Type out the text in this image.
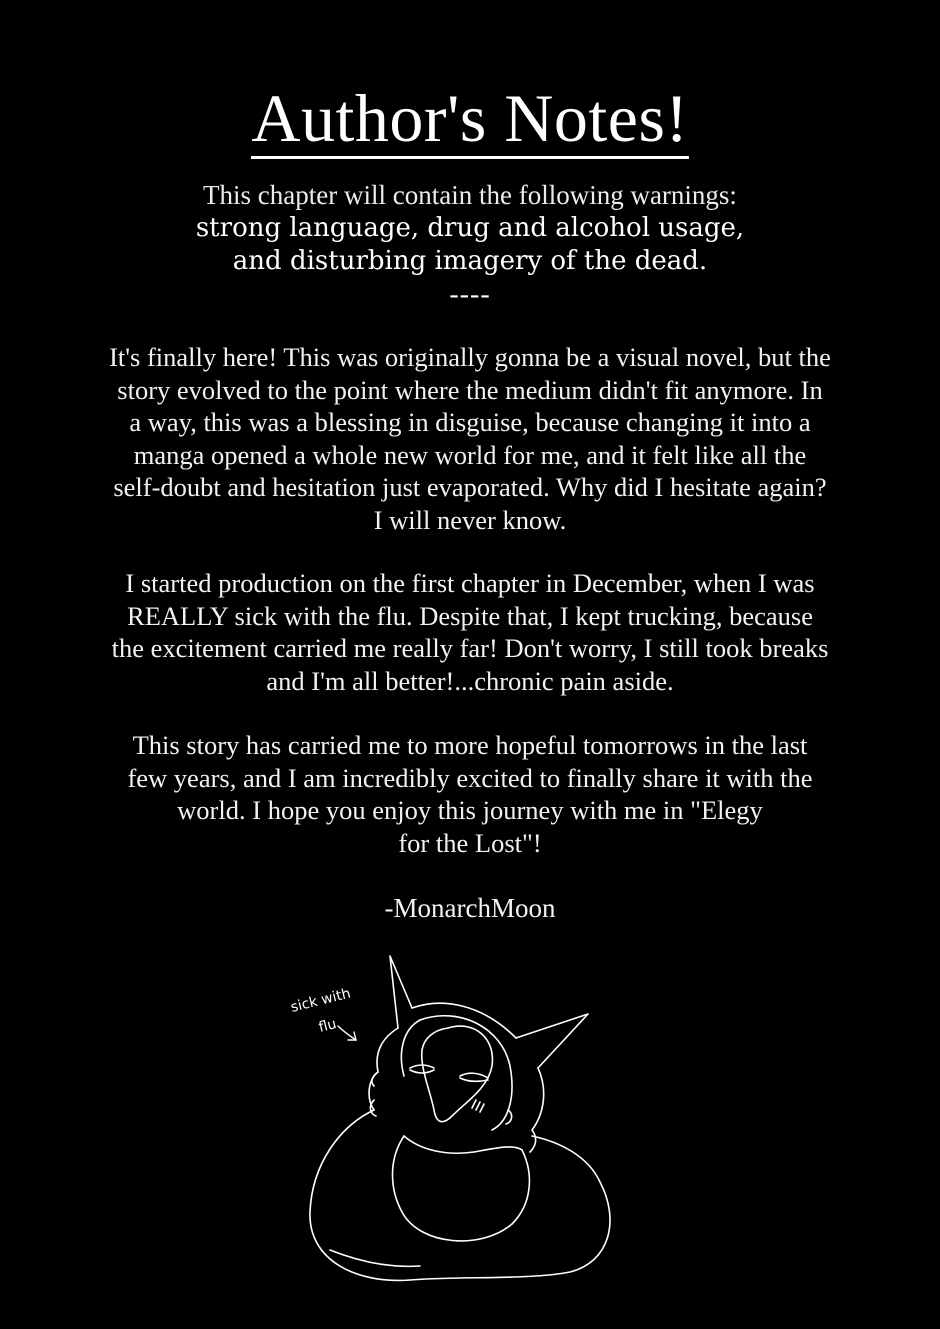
Author's Notes!
This chapter will contain the following warnings:
strong language, drug and alcohol usage,
and disturbing imagery of the dead.
----
It's finally here! This was originally gonna be a visual novel, but the
story evolved to the point where the medium didn't fit anymore. In
a way, this was a blessing in disguise, because changing it into a
manga opened a whole new world for me, and it felt like all the
self-doubt and hesitation just evaporated. Why did I hesitate again?
I will never know.
I started production on the first chapter in December, when I was
REALLY sick with the flu. Despite that, I kept trucking, because
the excitement carried me really far! Don't worry, I still took breaks
and I'm all better!...chronic pain aside.
This story has carried me to more hopeful tomorrows in the last
few years, and I am incredibly excited to finally share it with the
world. I hope you enjoy this journey with me in "Elegy
for the Lost"!
-MonarchMoon
sick with
flu
